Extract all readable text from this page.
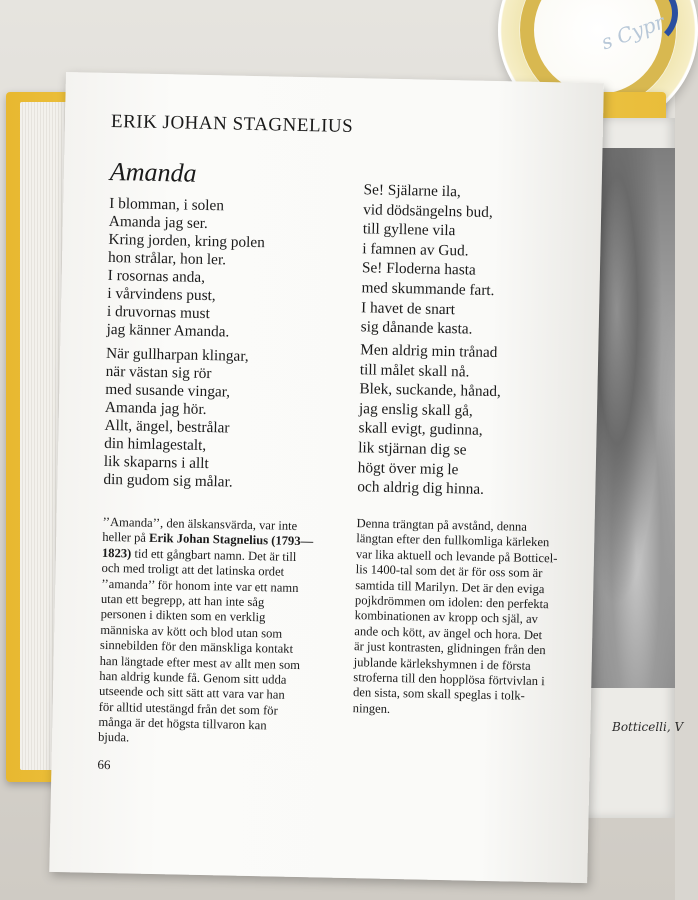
s Cypr
Botticelli, V
ERIK JOHAN STAGNELIUS
Amanda
I blomman, i solen
Amanda jag ser.
Kring jorden, kring polen
hon strålar, hon ler.
I rosornas anda,
i vårvindens pust,
i druvornas must
jag känner Amanda.
När gullharpan klingar,
när västan sig rör
med susande vingar,
Amanda jag hör.
Allt, ängel, bestrålar
din himlagestalt,
lik skaparns i allt
din gudom sig målar.
Se! Själarne ila,
vid dödsängelns bud,
till gyllene vila
i famnen av Gud.
Se! Floderna hasta
med skummande fart.
I havet de snart
sig dånande kasta.
Men aldrig min trånad
till målet skall nå.
Blek, suckande, hånad,
jag enslig skall gå,
skall evigt, gudinna,
lik stjärnan dig se
högt över mig le
och aldrig dig hinna.
’’Amanda’’, den älskansvärda, var inte
heller på Erik Johan Stagnelius (1793—
1823) tid ett gångbart namn. Det är till
och med troligt att det latinska ordet
’’amanda’’ för honom inte var ett namn
utan ett begrepp, att han inte såg
personen i dikten som en verklig
människa av kött och blod utan som
sinnebilden för den mänskliga kontakt
han längtade efter mest av allt men som
han aldrig kunde få. Genom sitt udda
utseende och sitt sätt att vara var han
för alltid utestängd från det som för
många är det högsta tillvaron kan
bjuda.
Denna trängtan på avstånd, denna
längtan efter den fullkomliga kärleken
var lika aktuell och levande på Botticel-
lis 1400-tal som det är för oss som är
samtida till Marilyn. Det är den eviga
pojkdrömmen om idolen: den perfekta
kombinationen av kropp och själ, av
ande och kött, av ängel och hora. Det
är just kontrasten, glidningen från den
jublande kärlekshymnen i de första
stroferna till den hopplösa förtvivlan i
den sista, som skall speglas i tolk-
ningen.
66
